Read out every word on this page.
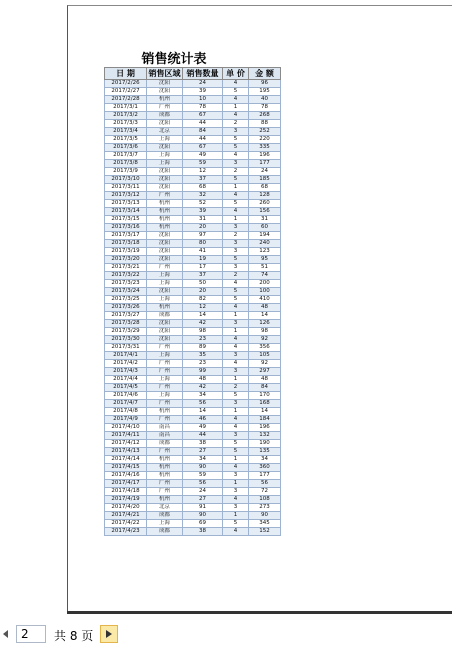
销售统计表
日 期	销售区域	销售数量	单 价	金 额
2017/2/26	沈阳	24	4	96
2017/2/27	沈阳	39	5	195
2017/2/28	杭州	10	4	40
2017/3/1	广州	78	1	78
2017/3/2	成都	67	4	268
2017/3/3	沈阳	44	2	88
2017/3/4	北京	84	3	252
2017/3/5	上海	44	5	220
2017/3/6	沈阳	67	5	335
2017/3/7	上海	49	4	196
2017/3/8	上海	59	3	177
2017/3/9	沈阳	12	2	24
2017/3/10	沈阳	37	5	185
2017/3/11	沈阳	68	1	68
2017/3/12	广州	32	4	128
2017/3/13	杭州	52	5	260
2017/3/14	杭州	39	4	156
2017/3/15	杭州	31	1	31
2017/3/16	杭州	20	3	60
2017/3/17	沈阳	97	2	194
2017/3/18	沈阳	80	3	240
2017/3/19	沈阳	41	3	123
2017/3/20	沈阳	19	5	95
2017/3/21	广州	17	3	51
2017/3/22	上海	37	2	74
2017/3/23	上海	50	4	200
2017/3/24	沈阳	20	5	100
2017/3/25	上海	82	5	410
2017/3/26	杭州	12	4	48
2017/3/27	成都	14	1	14
2017/3/28	沈阳	42	3	126
2017/3/29	沈阳	98	1	98
2017/3/30	沈阳	23	4	92
2017/3/31	广州	89	4	356
2017/4/1	上海	35	3	105
2017/4/2	广州	23	4	92
2017/4/3	广州	99	3	297
2017/4/4	上海	48	1	48
2017/4/5	广州	42	2	84
2017/4/6	上海	34	5	170
2017/4/7	广州	56	3	168
2017/4/8	杭州	14	1	14
2017/4/9	广州	46	4	184
2017/4/10	南昌	49	4	196
2017/4/11	南昌	44	3	132
2017/4/12	成都	38	5	190
2017/4/13	广州	27	5	135
2017/4/14	杭州	34	1	34
2017/4/15	杭州	90	4	360
2017/4/16	杭州	59	3	177
2017/4/17	广州	56	1	56
2017/4/18	广州	24	3	72
2017/4/19	杭州	27	4	108
2017/4/20	北京	91	3	273
2017/4/21	成都	90	1	90
2017/4/22	上海	69	5	345
2017/4/23	成都	38	4	152
2
共 8 页
